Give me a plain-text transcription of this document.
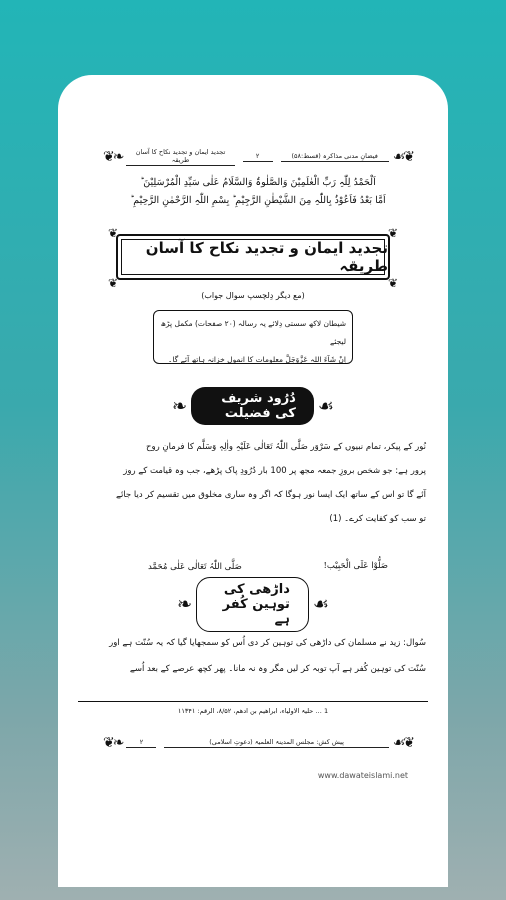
❦❧	تجدید ایمان و تجدید نکاح کا آسان طریقہ	۲	فیضانِ مدنی مذاکرہ (قسط:۵۸)	☙❦
اَلْحَمْدُ لِلّٰہِ رَبِّ الْعٰلَمِیْنَ وَالصَّلٰوۃُ وَالسَّلَامُ عَلٰی سَیِّدِ الْمُرْسَلِیْنَ ؕ
اَمَّا بَعْدُ فَاَعُوْذُ بِاللّٰہِ مِنَ الشَّیْطٰنِ الرَّجِیْمِ ؕ بِسْمِ اللّٰہِ الرَّحْمٰنِ الرَّحِیْمِ ؕ
❦	❦
❦	❦
تجدید ایمان و تجدید نکاح کا آسان طریقہ
(مع دیگر دِلچسپ سوال جواب)
شیطان لاکھ سستی دِلائے یہ رسالہ (۲۰ صفحات) مکمل پڑھ لیجئے
اِنْ شَآءَ اللہ عَزَّوَجَلَّ معلومات کا انمول خزانہ ہاتھ آئے گا۔
❧	دُرُود شریف کی فضیلت	☙
نُور کے پیکر، تمام نبیوں کے سَرْوَر صَلَّی اللّٰہُ تَعَالٰی عَلَیْہِ واٰلِہٖ وَسَلَّم کا فرمانِ روح
پرور ہے: جو شخص بروزِ جمعہ مجھ پر 100 بار دُرُودِ پاک پڑھے، جب وہ قیامت کے روز
آئے گا تو اس کے ساتھ ایک ایسا نور ہوگا کہ اگر وہ ساری مخلوق میں تقسیم کر دیا جائے
تو سب کو کفایت کرے۔ (1)
صَلَّی اللّٰہُ تَعَالٰی عَلٰی مُحَمَّد	صَلُّوْا عَلَی الْحَبِیْب!
❧
داڑھی کی توہین کُفر ہے
☙
سُوال: زید نے مسلمان کی داڑھی کی توہین کر دی اُس کو سمجھایا گیا کہ یہ سُنّت ہے اور
سُنّت کی توہین کُفر ہے آپ توبہ کر لیں مگر وہ نہ مانا۔ پھر کچھ عرصے کے بعد اُسے
1 … حلیۃ الاولیاء، ابراھیم بن ادھم، ۸/۵۲، الرقم: ۱۱۳۴۱
❦❧	۲	پیش کش: مجلس المدینۃ العلمیۃ (دعوتِ اسلامی)	☙❦
www.dawateislami.net
